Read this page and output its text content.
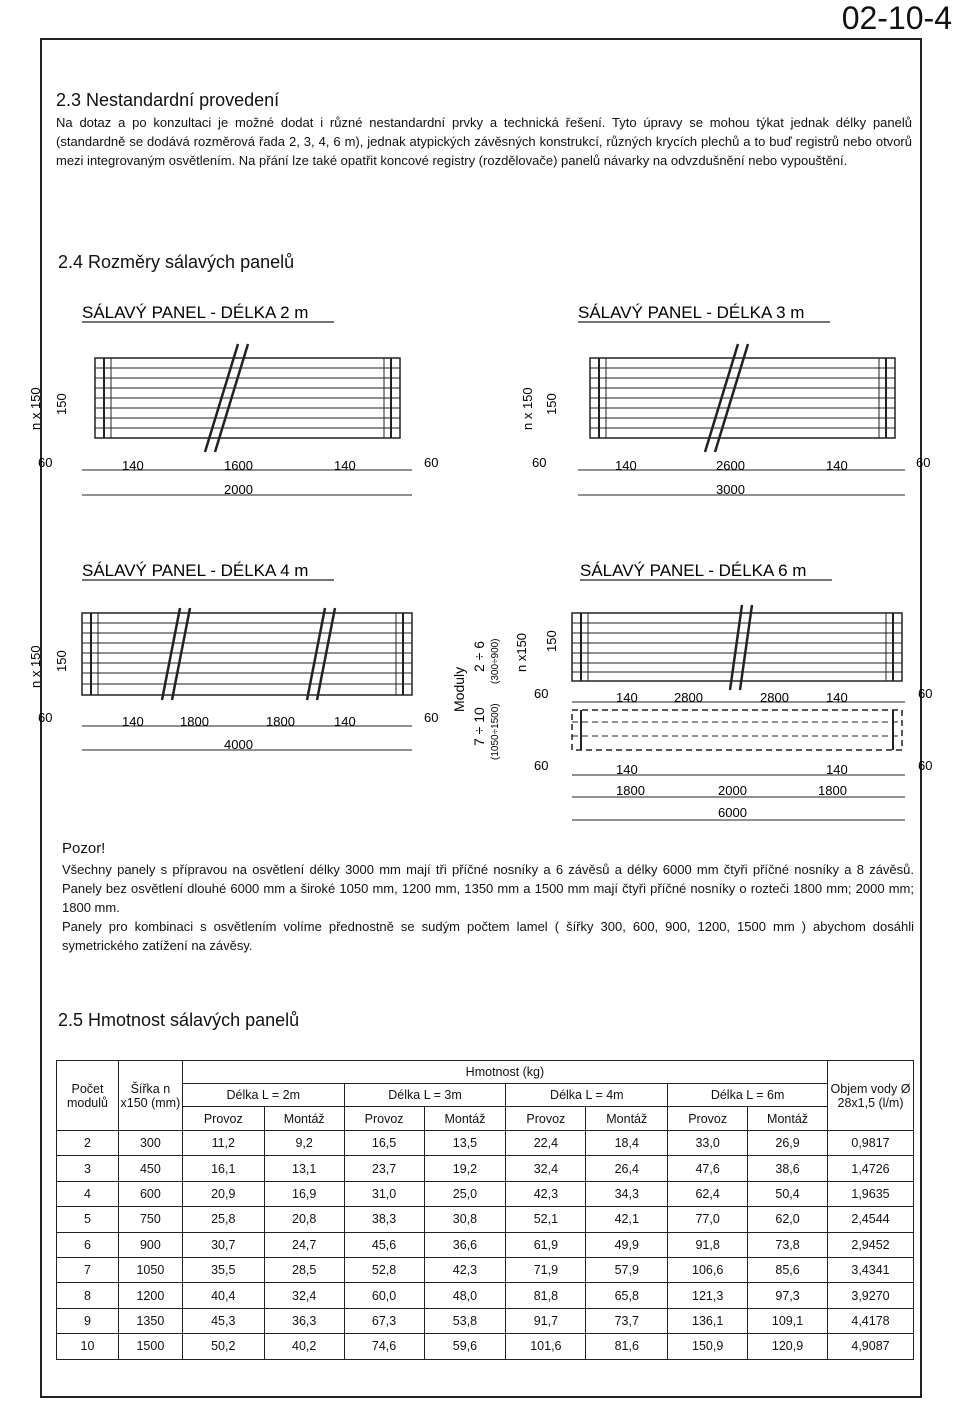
02-10-4
2.3 Nestandardní provedení
Na dotaz a po konzultaci je možné dodat i různé nestandardní prvky a technická řešení. Tyto úpravy se mohou týkat jednak délky panelů (standardně se dodává rozměrová řada 2, 3, 4, 6 m), jednak atypických závěsných konstrukcí, různých krycích plechů a to buď registrů nebo otvorů mezi integrovaným osvětlením. Na přání lze také opatřit koncové registry (rozdělovače) panelů návarky na odvzdušnění nebo vypouštění.
2.4 Rozměry sálavých panelů
SÁLAVÝ PANEL - DÉLKA 2 m
n x 150 150
60	140	1600	140	60
2000
SÁLAVÝ PANEL - DÉLKA 3 m
n x 150 150
60	140	2600	140	60
3000
SÁLAVÝ PANEL - DÉLKA 4 m
n x 150 150
60	140	1800	1800	140	60
4000
Moduly
2 ÷ 6 (300÷900)
7 ÷ 10 (1050÷1500)
SÁLAVÝ PANEL - DÉLKA 6 m
n x150 150
60	140	2800	2800	140	60
60	140	140	60
1800	2000	1800
6000
Pozor!
Všechny panely s přípravou na osvětlení délky 3000 mm mají tři příčné nosníky a 6 závěsů a délky 6000 mm čtyři příčné nosníky a 8 závěsů. Panely bez osvětlení dlouhé 6000 mm a široké 1050 mm, 1200 mm, 1350 mm a 1500 mm mají čtyři příčné nosníky o rozteči 1800 mm; 2000 mm; 1800 mm.
Panely pro kombinaci s osvětlením volíme přednostně se sudým počtem lamel ( šířky 300, 600, 900, 1200, 1500 mm ) abychom dosáhli symetrického zatížení na závěsy.
2.5 Hmotnost sálavých panelů
Počet modulů	Šířka n x150 (mm)	Hmotnost (kg)								Objem vody Ø 28x1,5 (l/m)
		Délka L = 2m		Délka L = 3m		Délka L = 4m		Délka L = 6m		
		Provoz	Montáž	Provoz	Montáž	Provoz	Montáž	Provoz	Montáž	
2	300	11,2	9,2	16,5	13,5	22,4	18,4	33,0	26,9	0,9817
3	450	16,1	13,1	23,7	19,2	32,4	26,4	47,6	38,6	1,4726
4	600	20,9	16,9	31,0	25,0	42,3	34,3	62,4	50,4	1,9635
5	750	25,8	20,8	38,3	30,8	52,1	42,1	77,0	62,0	2,4544
6	900	30,7	24,7	45,6	36,6	61,9	49,9	91,8	73,8	2,9452
7	1050	35,5	28,5	52,8	42,3	71,9	57,9	106,6	85,6	3,4341
8	1200	40,4	32,4	60,0	48,0	81,8	65,8	121,3	97,3	3,9270
9	1350	45,3	36,3	67,3	53,8	91,7	73,7	136,1	109,1	4,4178
10	1500	50,2	40,2	74,6	59,6	101,6	81,6	150,9	120,9	4,9087
